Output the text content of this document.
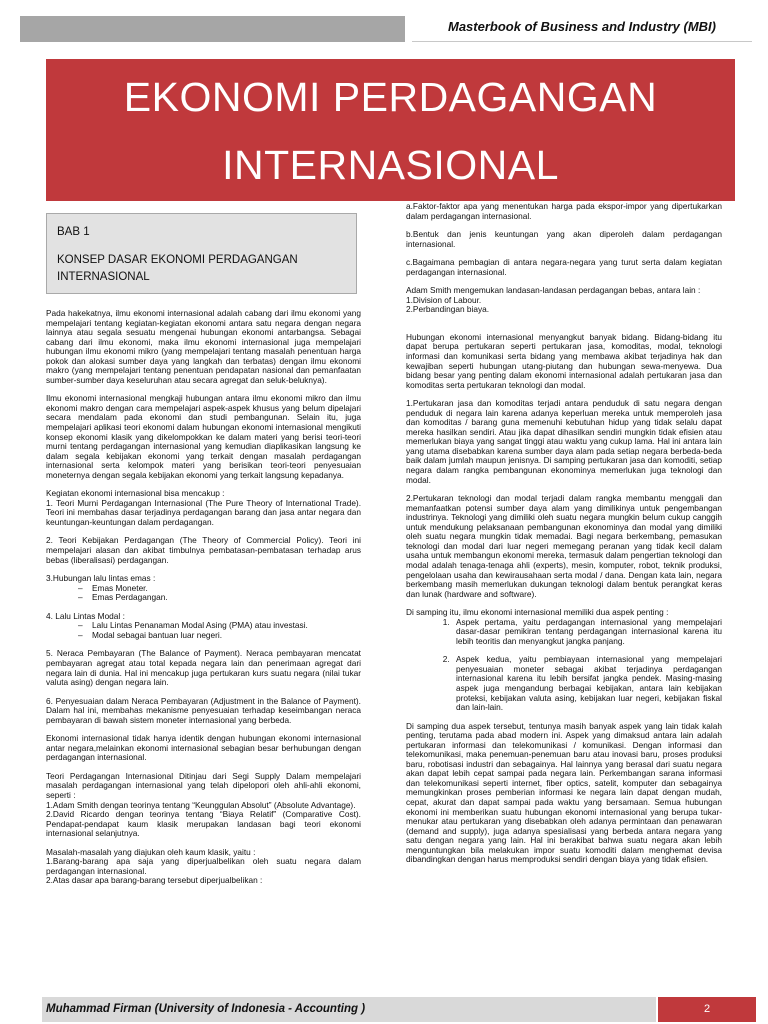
Masterbook of Business and Industry (MBI)
EKONOMI PERDAGANGAN
INTERNASIONAL
BAB 1
KONSEP DASAR EKONOMI PERDAGANGAN INTERNASIONAL

Pada hakekatnya, ilmu ekonomi internasional adalah cabang dari ilmu ekonomi yang mempelajari tentang kegiatan-kegiatan ekonomi antara satu negara dengan negara lainnya atau segala sesuatu mengenai hubungan ekonomi antarbangsa. Sebagai cabang dari ilmu ekonomi, maka ilmu ekonomi internasional juga mempelajari hubungan ilmu ekonomi mikro (yang mempelajari tentang masalah penentuan harga pokok dan alokasi sumber daya yang langkah dan terbatas) dengan ilmu ekonomi makro (yang mempelajari tentang penentuan pendapatan nasional dan pemanfaatan sumber-sumber daya keseluruhan atau secara agregat dan seluk-beluknya).

Ilmu ekonomi internasional mengkaji hubungan antara ilmu ekonomi mikro dan ilmu ekonomi makro dengan cara mempelajari aspek-aspek khusus yang belum dipelajari secara mendalam pada ekonomi dan studi pembangunan. Selain itu, juga mempelajari aplikasi teori ekonomi dalam hubungan ekonomi internasional mengikuti konsep ekonomi klasik yang dikelompokkan ke dalam materi yang berisi teori-teori murni tentang perdagangan internasional yang kemudian diaplikasikan langsung ke dalam segala kebijakan ekonomi yang terkait dengan masalah perdagangan internasional serta kelompok materi yang berisikan teori-teori penyesuaian moneternya dengan segala kebijakan ekonomi yang terkait langsung kepadanya.

Kegiatan ekonomi internasional bisa mencakup :

1. Teori Murni Perdagangan Internasional (The Pure Theory of International Trade). Teori ini membahas dasar terjadinya perdagangan barang dan jasa antar negara dan keuntungan-keuntungan dalam perdagangan.

2. Teori Kebijakan Perdagangan (The Theory of Commercial Policy). Teori ini mempelajari alasan dan akibat timbulnya pembatasan-pembatasan terhadap arus bebas (liberalisasi) perdagangan.

3.Hubungan lalu lintas emas :

– Emas Moneter.
– Emas Perdagangan.

4. Lalu Lintas Modal :

– Lalu Lintas Penanaman Modal Asing (PMA) atau investasi.
– Modal sebagai bantuan luar negeri.

5. Neraca Pembayaran (The Balance of Payment). Neraca pembayaran mencatat pembayaran agregat atau total kepada negara lain dan penerimaan agregat dari negara lain di dunia. Hal ini mencakup juga pertukaran kurs suatu negara (nilai tukar valuta asing) dengan negara lain.

6. Penyesuaian dalam Neraca Pembayaran (Adjustment in the Balance of Payment). Dalam hal ini, membahas mekanisme penyesuaian terhadap keseimbangan neraca pembayaran di bawah sistem moneter internasional yang berbeda.

Ekonomi internasional tidak hanya identik dengan hubungan ekonomi internasional antar negara,melainkan ekonomi internasional sebagian besar berhubungan dengan perdagangan internasional.

Teori Perdagangan Internasional Ditinjau dari Segi Supply Dalam mempelajari masalah perdagangan internasional yang telah dipelopori oleh ahli-ahli ekonomi, seperti :

1.Adam Smith dengan teorinya tentang “Keunggulan Absolut” (Absolute Advantage).

2.David Ricardo dengan teorinya tentang “Biaya Relatif” (Comparative Cost). Pendapat-pendapat kaum klasik merupakan landasan bagi teori ekonomi internasional selanjutnya.

Masalah-masalah yang diajukan oleh kaum klasik, yaitu :

1.Barang-barang apa saja yang diperjualbelikan oleh suatu negara dalam perdagangan internasional.

2.Atas dasar apa barang-barang tersebut diperjualbelikan :

a.Faktor-faktor apa yang menentukan harga pada ekspor-impor yang dipertukarkan dalam perdagangan internasional.

b.Bentuk dan jenis keuntungan yang akan diperoleh dalam perdagangan internasional.

c.Bagaimana pembagian di antara negara-negara yang turut serta dalam kegiatan perdagangan internasional.

Adam Smith mengemukan landasan-landasan perdagangan bebas, antara lain :

1.Division of Labour.

2.Perbandingan biaya.

Hubungan ekonomi internasional menyangkut banyak bidang. Bidang-bidang itu dapat berupa pertukaran seperti pertukaran jasa, komoditas, modal, teknologi informasi dan komunikasi serta bidang yang membawa akibat terjadinya hak dan kewajiban seperti hubungan utang-piutang dan hubungan sewa-menyewa. Dua bidang besar yang penting dalam ekonomi internasional adalah pertukaran jasa dan komoditas serta pertukaran teknologi dan modal.

1.Pertukaran jasa dan komoditas terjadi antara penduduk di satu negara dengan penduduk di negara lain karena adanya keperluan mereka untuk memperoleh jasa dan komoditas / barang guna memenuhi kebutuhan hidup yang tidak selalu dapat mereka hasilkan sendiri. Atau jika dapat dihasilkan sendiri mungkin tidak efisien atau memerlukan biaya yang sangat tinggi atau waktu yang cukup lama. Hal ini antara lain yang utama disebabkan karena sumber daya alam pada setiap negara berbeda-beda baik dalam jumlah maupun jenisnya. Di samping pertukaran jasa dan komoditi, setiap negara dalam rangka pembangunan ekonominya memerlukan juga teknologi dan modal.

2.Pertukaran teknologi dan modal terjadi dalam rangka membantu menggali dan memanfaatkan potensi sumber daya alam yang dimilikinya untuk pengembangan industrinya. Teknologi yang dimiliki oleh suatu negara mungkin belum cukup canggih untuk mendukung pelaksanaan pembangunan ekonominya dan modal yang dimiliki oleh suatu negara mungkin tidak memadai. Bagi negara berkembang, pemasukan teknologi dan modal dari luar negeri memegang peranan yang tidak kecil dalam usaha untuk membangun ekonomi mereka, termasuk dalam pengertian teknologi dan modal adalah tenaga-tenaga ahli (experts), mesin, komputer, robot, teknik produksi, pengelolaan usaha dan kewirausahaan serta modal / dana. Dengan kata lain, negara berkembang masih memerlukan dukungan teknologi dalam bentuk perangkat keras dan lunak (hardware and software).

Di samping itu, ilmu ekonomi internasional memiliki dua aspek penting :

1. Aspek pertama, yaitu perdagangan internasional yang mempelajari dasar-dasar pemikiran tentang perdagangan internasional karena itu lebih teoritis dan menyangkut jangka panjang.
2. Aspek kedua, yaitu pembiayaan internasional yang mempelajari penyesuaian moneter sebagai akibat terjadinya perdagangan internasional karena itu lebih bersifat jangka pendek. Masing-masing aspek juga mengandung berbagai kebijakan, antara lain kebijakan proteksi, kebijakan valuta asing, kebijakan luar negeri, kebijakan fiskal dan lain-lain.

Di samping dua aspek tersebut, tentunya masih banyak aspek yang lain tidak kalah penting, terutama pada abad modern ini. Aspek yang dimaksud antara lain adalah pertukaran informasi dan telekomunikasi / komunikasi. Dengan informasi dan telekomunikasi, maka penemuan-penemuan baru atau inovasi baru, proses produksi baru, robotisasi industri dan sebagainya. Hal lainnya yang berasal dari suatu negara akan dapat lebih cepat sampai pada negara lain. Perkembangan sarana informasi dan telekomunikasi seperti internet, fiber optics, satelit, komputer dan sebagainya memungkinkan proses pemberian informasi ke negara lain dapat dengan mudah, cepat, akurat dan dapat sampai pada waktu yang bersamaan. Semua hubungan ekonomi ini memberikan suatu hubungan ekonomi internasional yang berupa tukar- menukar atau pertukaran yang disebabkan oleh adanya permintaan dan penawaran (demand and supply), juga adanya spesialisasi yang berbeda antara negara yang satu dengan negara yang lain. Hal ini berakibat bahwa suatu negara akan lebih menguntungkan bila melakukan impor suatu komoditi dalam menghemat devisa dibandingkan dengan harus memproduksi sendiri dengan biaya yang tidak efisien.

Muhammad Firman (University of Indonesia - Accounting )	2
